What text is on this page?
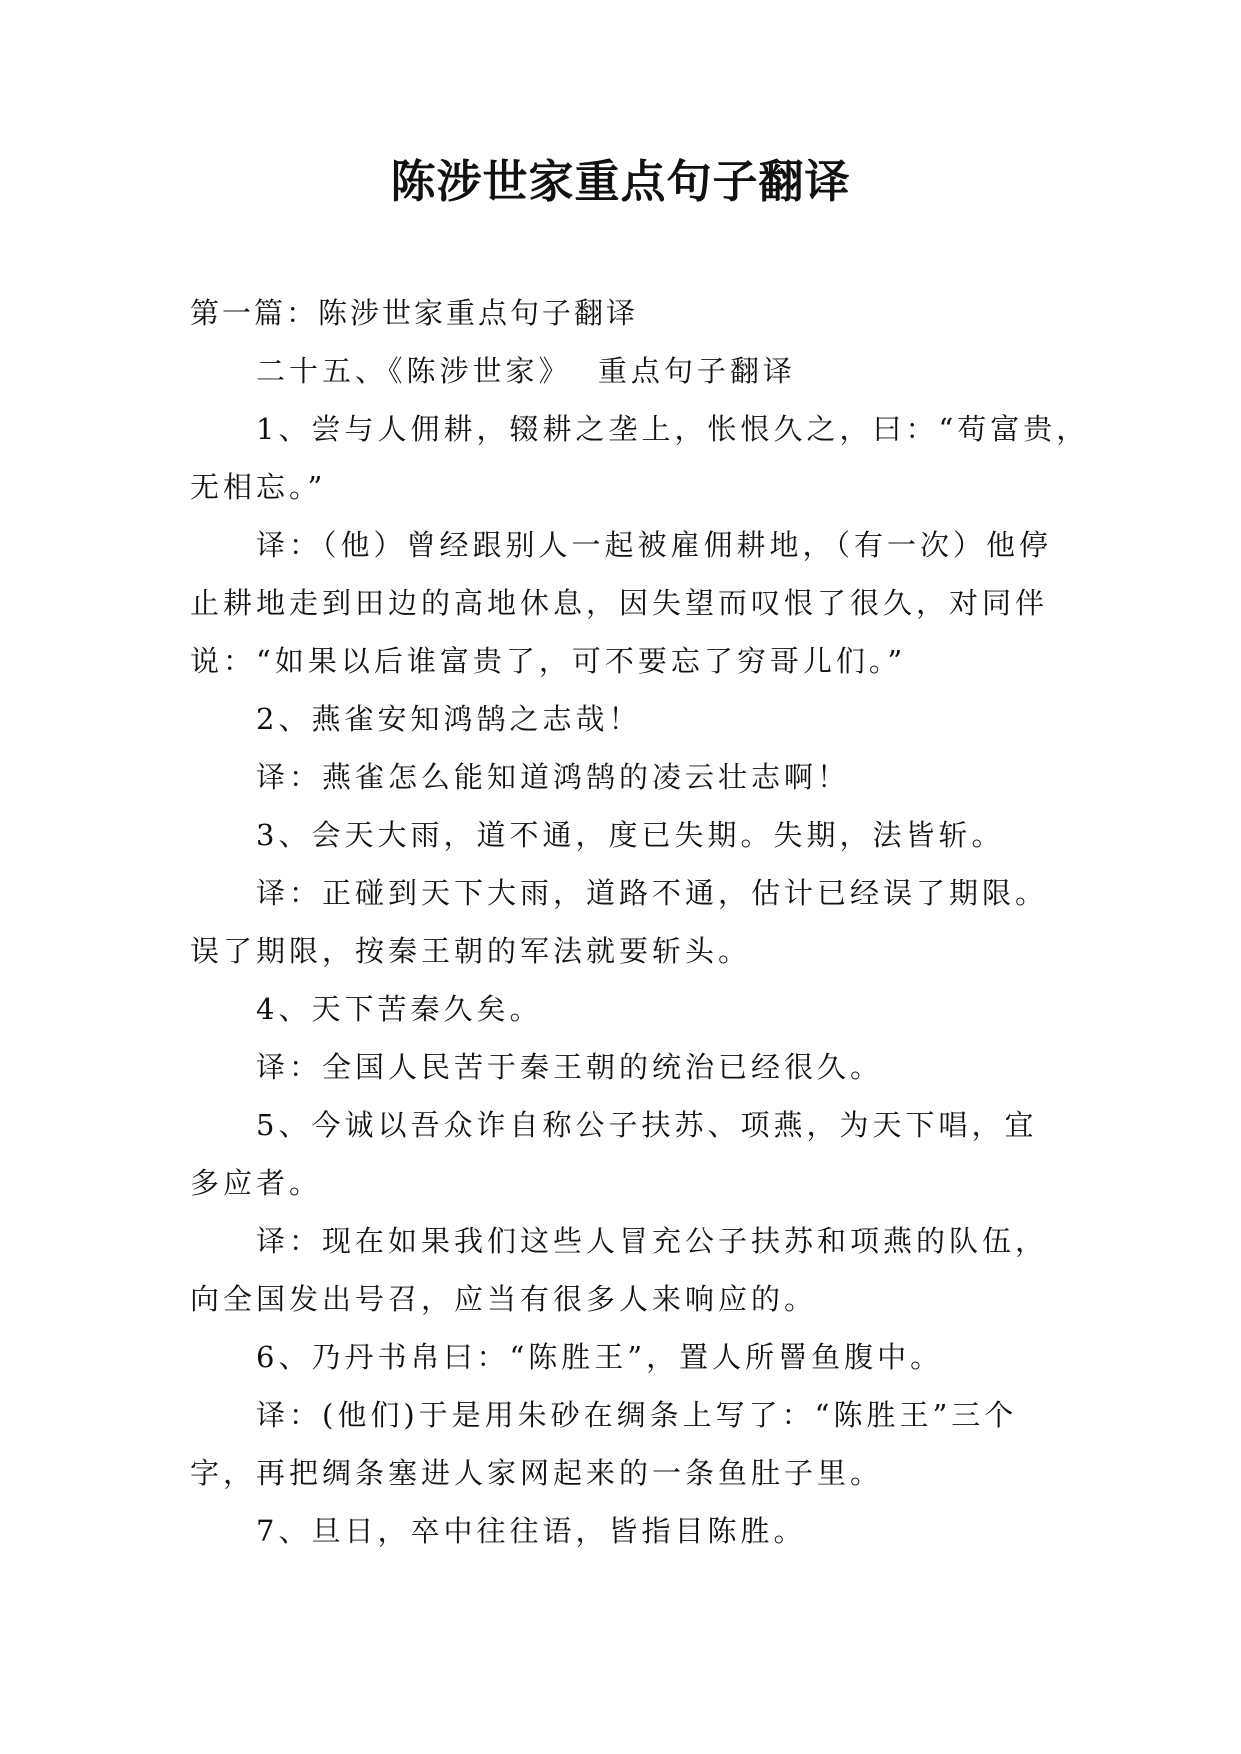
陈涉世家重点句子翻译
第一篇：陈涉世家重点句子翻译
二十五、《陈涉世家》  重点句子翻译
1、尝与人佣耕，辍耕之垄上，怅恨久之，曰：“苟富贵，
无相忘。”
译：（他）曾经跟别人一起被雇佣耕地，（有一次）他停
止耕地走到田边的高地休息，因失望而叹恨了很久，对同伴
说：“如果以后谁富贵了，可不要忘了穷哥儿们。”
2、燕雀安知鸿鹄之志哉！
译：燕雀怎么能知道鸿鹄的凌云壮志啊！
3、会天大雨，道不通，度已失期。失期，法皆斩。
译：正碰到天下大雨，道路不通，估计已经误了期限。
误了期限，按秦王朝的军法就要斩头。
4、天下苦秦久矣。
译：全国人民苦于秦王朝的统治已经很久。
5、今诚以吾众诈自称公子扶苏、项燕，为天下唱，宜
多应者。
译：现在如果我们这些人冒充公子扶苏和项燕的队伍，
向全国发出号召，应当有很多人来响应的。
6、乃丹书帛曰：“陈胜王”，置人所罾鱼腹中。
译：(他们)于是用朱砂在绸条上写了：“陈胜王”三个
字，再把绸条塞进人家网起来的一条鱼肚子里。
7、旦日，卒中往往语，皆指目陈胜。
